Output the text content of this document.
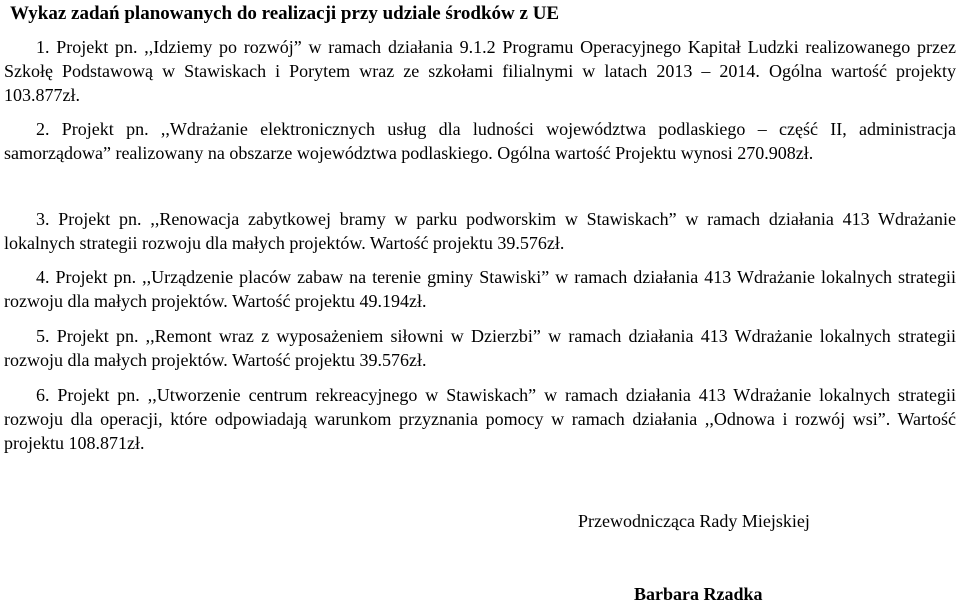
Wykaz zadań planowanych do realizacji przy udziale środków z UE
1. Projekt pn. ,,Idziemy po rozwój” w ramach działania 9.1.2 Programu Operacyjnego Kapitał Ludzki realizowanego przez Szkołę Podstawową w Stawiskach i Porytem wraz ze szkołami filialnymi w latach 2013 – 2014. Ogólna wartość projekty 103.877zł.
2. Projekt pn. ,,Wdrażanie elektronicznych usług dla ludności województwa podlaskiego – część II, administracja samorządowa” realizowany na obszarze województwa podlaskiego. Ogólna wartość Projektu wynosi 270.908zł.
3. Projekt pn. ,,Renowacja zabytkowej bramy w parku podworskim w Stawiskach” w ramach działania 413 Wdrażanie lokalnych strategii rozwoju dla małych projektów. Wartość projektu 39.576zł.
4. Projekt pn. ,,Urządzenie placów zabaw na terenie gminy Stawiski” w ramach działania 413 Wdrażanie lokalnych strategii rozwoju dla małych projektów. Wartość projektu 49.194zł.
5. Projekt pn. ,,Remont wraz z wyposażeniem siłowni w Dzierzbi” w ramach działania 413 Wdrażanie lokalnych strategii rozwoju dla małych projektów. Wartość projektu 39.576zł.
6. Projekt pn. ,,Utworzenie centrum rekreacyjnego w Stawiskach” w ramach działania 413 Wdrażanie lokalnych strategii rozwoju dla operacji, które odpowiadają warunkom przyznania pomocy w ramach działania ,,Odnowa i rozwój wsi”. Wartość projektu 108.871zł.
Przewodnicząca Rady Miejskiej
Barbara Rzadka
